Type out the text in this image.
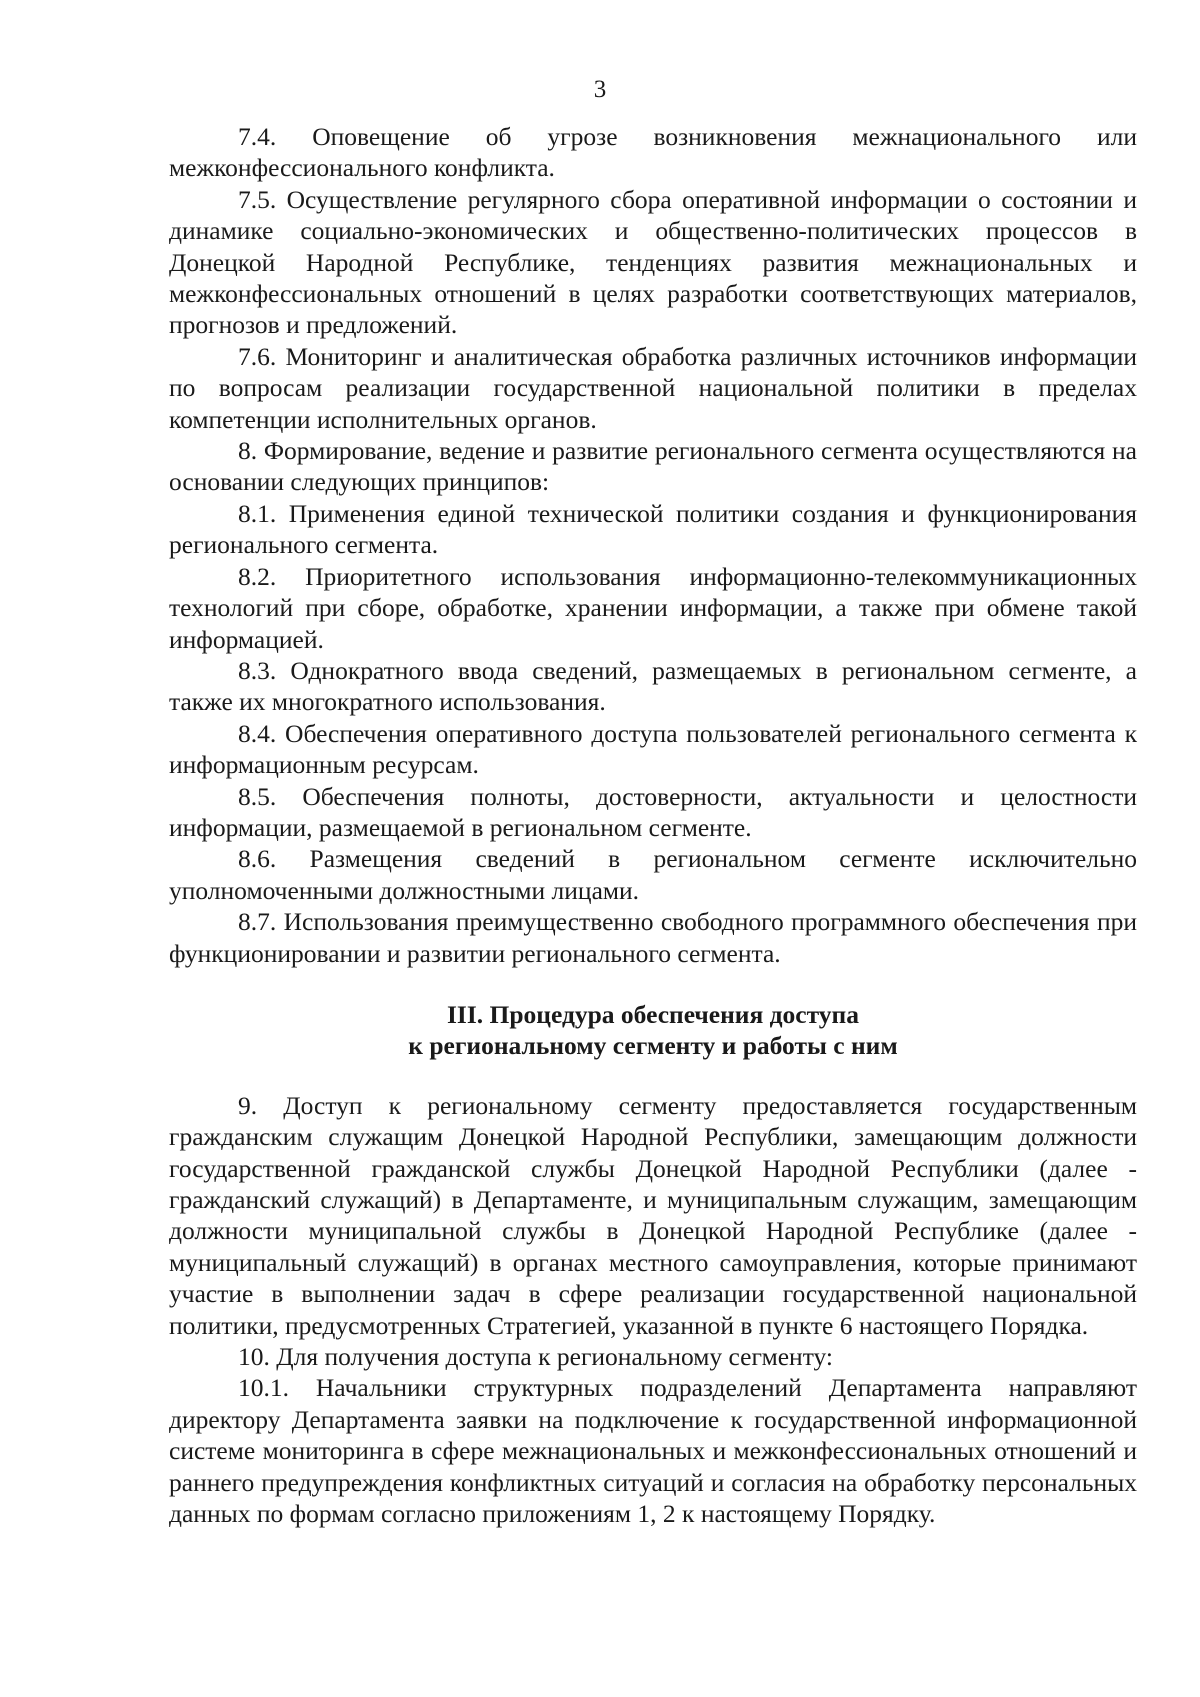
3

7.4. Оповещение об угрозе возникновения межнационального или межконфессионального конфликта.

7.5. Осуществление регулярного сбора оперативной информации о состоянии и динамике социально-экономических и общественно-политических процессов в Донецкой Народной Республике, тенденциях развития межнациональных и межконфессиональных отношений в целях разработки соответствующих материалов, прогнозов и предложений.

7.6. Мониторинг и аналитическая обработка различных источников информации по вопросам реализации государственной национальной политики в пределах компетенции исполнительных органов.

8. Формирование, ведение и развитие регионального сегмента осуществляются на основании следующих принципов:

8.1. Применения единой технической политики создания и функционирования регионального сегмента.

8.2. Приоритетного использования информационно-телекоммуникационных технологий при сборе, обработке, хранении информации, а также при обмене такой информацией.

8.3. Однократного ввода сведений, размещаемых в региональном сегменте, а также их многократного использования.

8.4. Обеспечения оперативного доступа пользователей регионального сегмента к информационным ресурсам.

8.5. Обеспечения полноты, достоверности, актуальности и целостности информации, размещаемой в региональном сегменте.

8.6. Размещения сведений в региональном сегменте исключительно уполномоченными должностными лицами.

8.7. Использования преимущественно свободного программного обеспечения при функционировании и развитии регионального сегмента.

III. Процедура обеспечения доступа
к региональному сегменту и работы с ним

9. Доступ к региональному сегменту предоставляется государственным гражданским служащим Донецкой Народной Республики, замещающим должности государственной гражданской службы Донецкой Народной Республики (далее - гражданский служащий) в Департаменте, и муниципальным служащим, замещающим должности муниципальной службы в Донецкой Народной Республике (далее - муниципальный служащий) в органах местного самоуправления, которые принимают участие в выполнении задач в сфере реализации государственной национальной политики, предусмотренных Стратегией, указанной в пункте 6 настоящего Порядка.

10. Для получения доступа к региональному сегменту:

10.1. Начальники структурных подразделений Департамента направляют директору Департамента заявки на подключение к государственной информационной системе мониторинга в сфере межнациональных и межконфессиональных отношений и раннего предупреждения конфликтных ситуаций и согласия на обработку персональных данных по формам согласно приложениям 1, 2 к настоящему Порядку.
